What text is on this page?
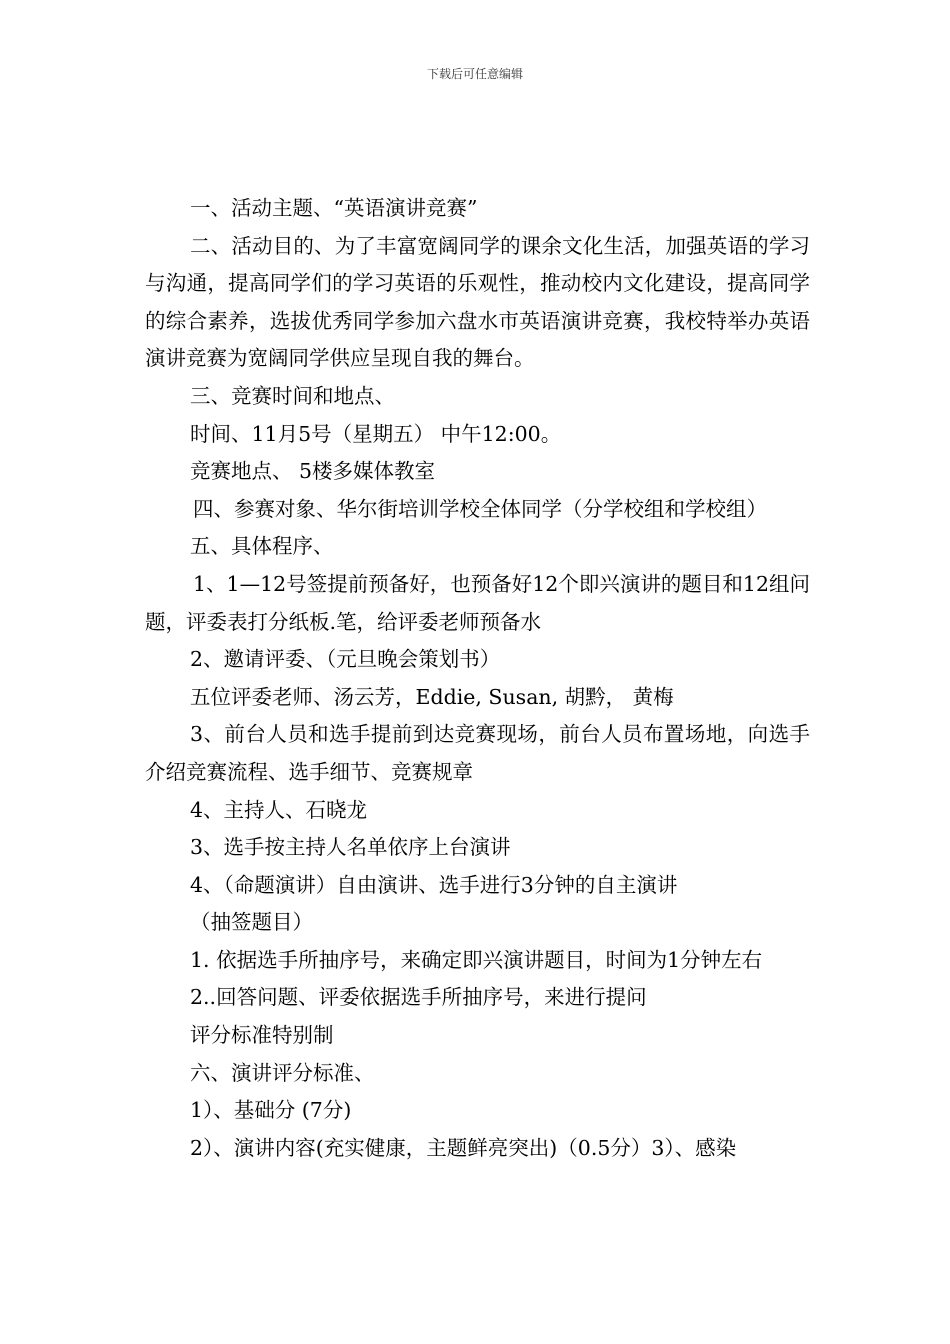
下载后可任意编辑

一、活动主题、“英语演讲竞赛”

二、活动目的、为了丰富宽阔同学的课余文化生活，加强英语的学习与沟通，提高同学们的学习英语的乐观性，推动校内文化建设，提高同学的综合素养，选拔优秀同学参加六盘水市英语演讲竞赛，我校特举办英语演讲竞赛为宽阔同学供应呈现自我的舞台。

三、竞赛时间和地点、

时间、11月5号（星期五） 中午12:00。

竞赛地点、 5楼多媒体教室

四、参赛对象、华尔街培训学校全体同学（分学校组和学校组）

五、具体程序、

1、1—12号签提前预备好，也预备好12个即兴演讲的题目和12组问题，评委表打分纸板.笔，给评委老师预备水

2、邀请评委、（元旦晚会策划书）

五位评委老师、汤云芳，Eddie, Susan, 胡黔， 黄梅

3、前台人员和选手提前到达竞赛现场，前台人员布置场地，向选手介绍竞赛流程、选手细节、竞赛规章

4、主持人、石晓龙

3、选手按主持人名单依序上台演讲

4、（命题演讲）自由演讲、选手进行3分钟的自主演讲

（抽签题目）

1. 依据选手所抽序号，来确定即兴演讲题目，时间为1分钟左右

2..回答问题、评委依据选手所抽序号，来进行提问

评分标准特别制

六、演讲评分标准、

1）、基础分 (7分)

2）、演讲内容(充实健康，主题鲜亮突出)（0.5分）3）、感染
